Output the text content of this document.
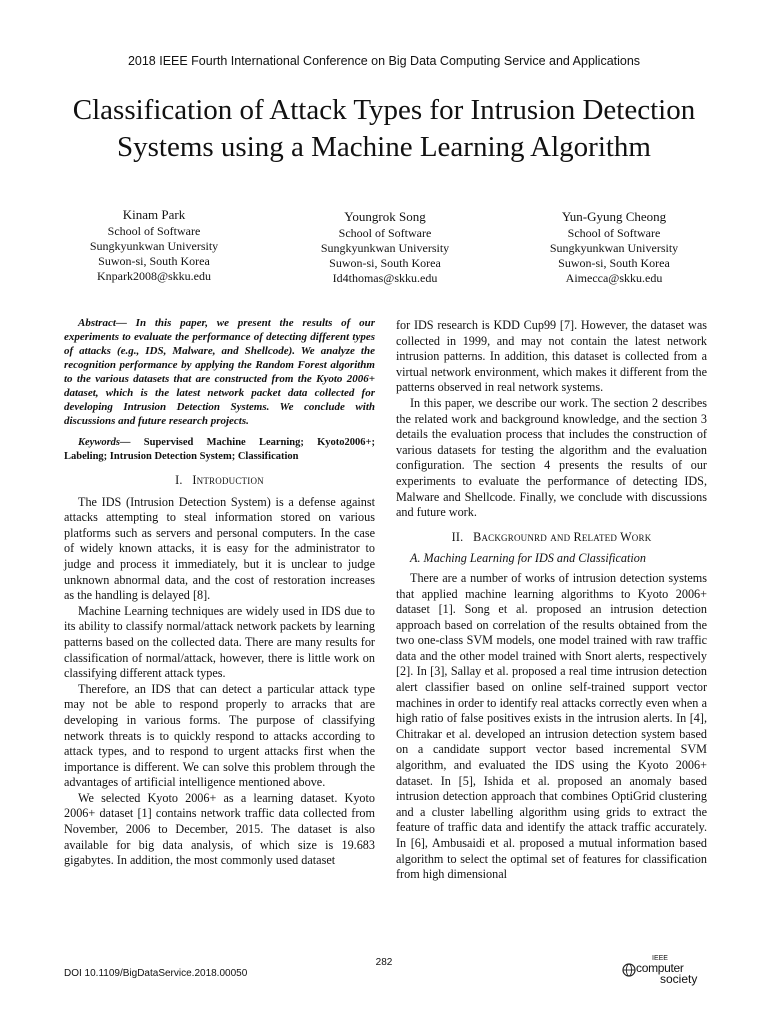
2018 IEEE Fourth International Conference on Big Data Computing Service and Applications
Classification of Attack Types for Intrusion Detection
Systems using a Machine Learning Algorithm
Kinam Park
School of Software
Sungkyunkwan University
Suwon-si, South Korea
Knpark2008@skku.edu
Youngrok Song
School of Software
Sungkyunkwan University
Suwon-si, South Korea
Id4thomas@skku.edu
Yun-Gyung Cheong
School of Software
Sungkyunkwan University
Suwon-si, South Korea
Aimecca@skku.edu

Abstract— In this paper, we present the results of our experiments to evaluate the performance of detecting different types of attacks (e.g., IDS, Malware, and Shellcode). We analyze the recognition performance by applying the Random Forest algorithm to the various datasets that are constructed from the Kyoto 2006+ dataset, which is the latest network packet data collected for developing Intrusion Detection Systems. We conclude with discussions and future research projects.

Keywords— Supervised Machine Learning; Kyoto2006+; Labeling; Intrusion Detection System; Classification

I. Introduction

The IDS (Intrusion Detection System) is a defense against attacks attempting to steal information stored on various platforms such as servers and personal computers. In the case of widely known attacks, it is easy for the administrator to judge and process it immediately, but it is unclear to judge unknown abnormal data, and the cost of restoration increases as the handling is delayed [8].

Machine Learning techniques are widely used in IDS due to its ability to classify normal/attack network packets by learning patterns based on the collected data. There are many results for classification of normal/attack, however, there is little work on classifying different attack types.

Therefore, an IDS that can detect a particular attack type may not be able to respond properly to arracks that are developing in various forms. The purpose of classifying network threats is to quickly respond to attacks according to attack types, and to respond to urgent attacks first when the importance is different. We can solve this problem through the advantages of artificial intelligence mentioned above.

We selected Kyoto 2006+ as a learning dataset. Kyoto 2006+ dataset [1] contains network traffic data collected from November, 2006 to December, 2015. The dataset is also available for big data analysis, of which size is 19.683 gigabytes. In addition, the most commonly used dataset

for IDS research is KDD Cup99 [7]. However, the dataset was collected in 1999, and may not contain the latest network intrusion patterns. In addition, this dataset is collected from a virtual network environment, which makes it different from the patterns observed in real network systems.

In this paper, we describe our work. The section 2 describes the related work and background knowledge, and the section 3 details the evaluation process that includes the construction of various datasets for testing the algorithm and the evaluation configuration. The section 4 presents the results of our experiments to evaluate the performance of detecting IDS, Malware and Shellcode. Finally, we conclude with discussions and future work.

II. Backgrounrd and Related Work
A. Maching Learning for IDS and Classification

There are a number of works of intrusion detection systems that applied machine learning algorithms to Kyoto 2006+ dataset [1]. Song et al. proposed an intrusion detection approach based on correlation of the results obtained from the two one-class SVM models, one model trained with raw traffic data and the other model trained with Snort alerts, respectively [2]. In [3], Sallay et al. proposed a real time intrusion detection alert classifier based on online self-trained support vector machines in order to identify real attacks correctly even when a high ratio of false positives exists in the intrusion alerts. In [4], Chitrakar et al. developed an intrusion detection system based on a candidate support vector based incremental SVM algorithm, and evaluated the IDS using the Kyoto 2006+ dataset. In [5], Ishida et al. proposed an anomaly based intrusion detection approach that combines OptiGrid clustering and a cluster labelling algorithm using grids to extract the feature of traffic data and identify the attack traffic accurately. In [6], Ambusaidi et al. proposed a mutual information based algorithm to select the optimal set of features for classification from high dimensional

282
DOI 10.1109/BigDataService.2018.00050
IEEE
computer
society
